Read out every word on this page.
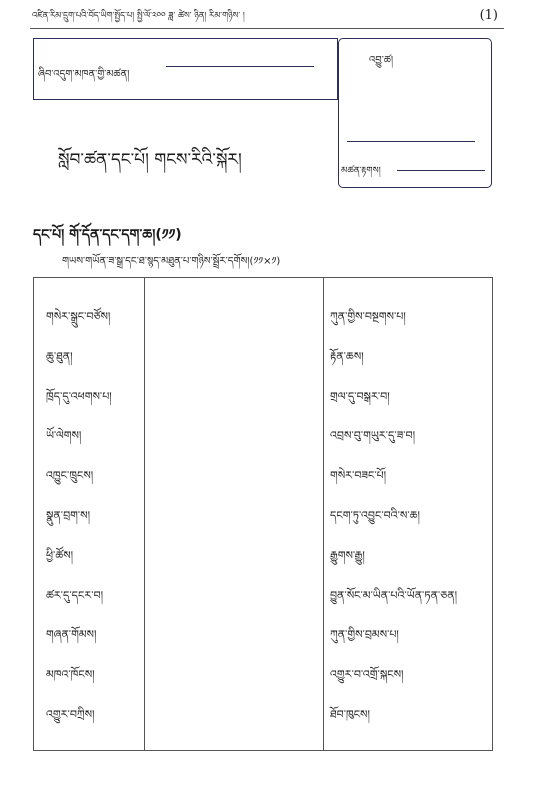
འཛིན་རིམ་དྲུག་པའི་བོད་ཡིག་སྤྱོད་པ། སྤྱི་ལོ་༢༠༠ ཟླ་ ཚེས་ ཉིན། རིམ་གཉིས་ །	(1)
ཞིབ་འདུག་མཁན་གྱི་མཚན།
འབྱུ་ཚ།
མཚན་རྟགས།
སློབ་ཚན་དང་པོ། གངས་རིའི་སྐོར།
དང་པོ། གོ་དོན་དང་དག་ཆ།(༡༡)
གཡས་གཡོན་ཟ་སྒྲ་དང་ཐ་སྙད་མཐུན་པ་གཉིས་སྦྲོར་དགོས།(༡༡×༡)
གསེར་སྒྲུང་བཙོས།
ཆུ་ཐུན།
ཁྲོད་དུ་འཕགས་པ།
ཡོ་ལེགས།
འཁྱུང་ཁྲུངས།
སྣུན་བྲག་ས།
ཕྱི་ཚོས།
ཚར་དུ་དངར་བ།
གཞན་གོམས།
མཁའ་ཁོངས།
འགྱུར་བཀྲིས།
ཀུན་གྱིས་བསྔགས་པ།
རྟོན་ཆས།
གྲལ་དུ་བསྒར་བ།
འབྲས་བུ་གཡུར་དུ་ཟ་བ།
གསེར་བཟང་པོ།
དངག་ཏུ་འབྱུང་བའི་ས་ཆ།
རྒྱུགས་རྒྱུ།
བྱུན་སོང་མ་ཡིན་པའི་ཡོན་ཏན་ཅན།
ཀུན་གྱིས་བྲམས་པ།
འགྱུར་བ་འགྲོ་སྐངས།
ཐོབ་ཁུངས།
